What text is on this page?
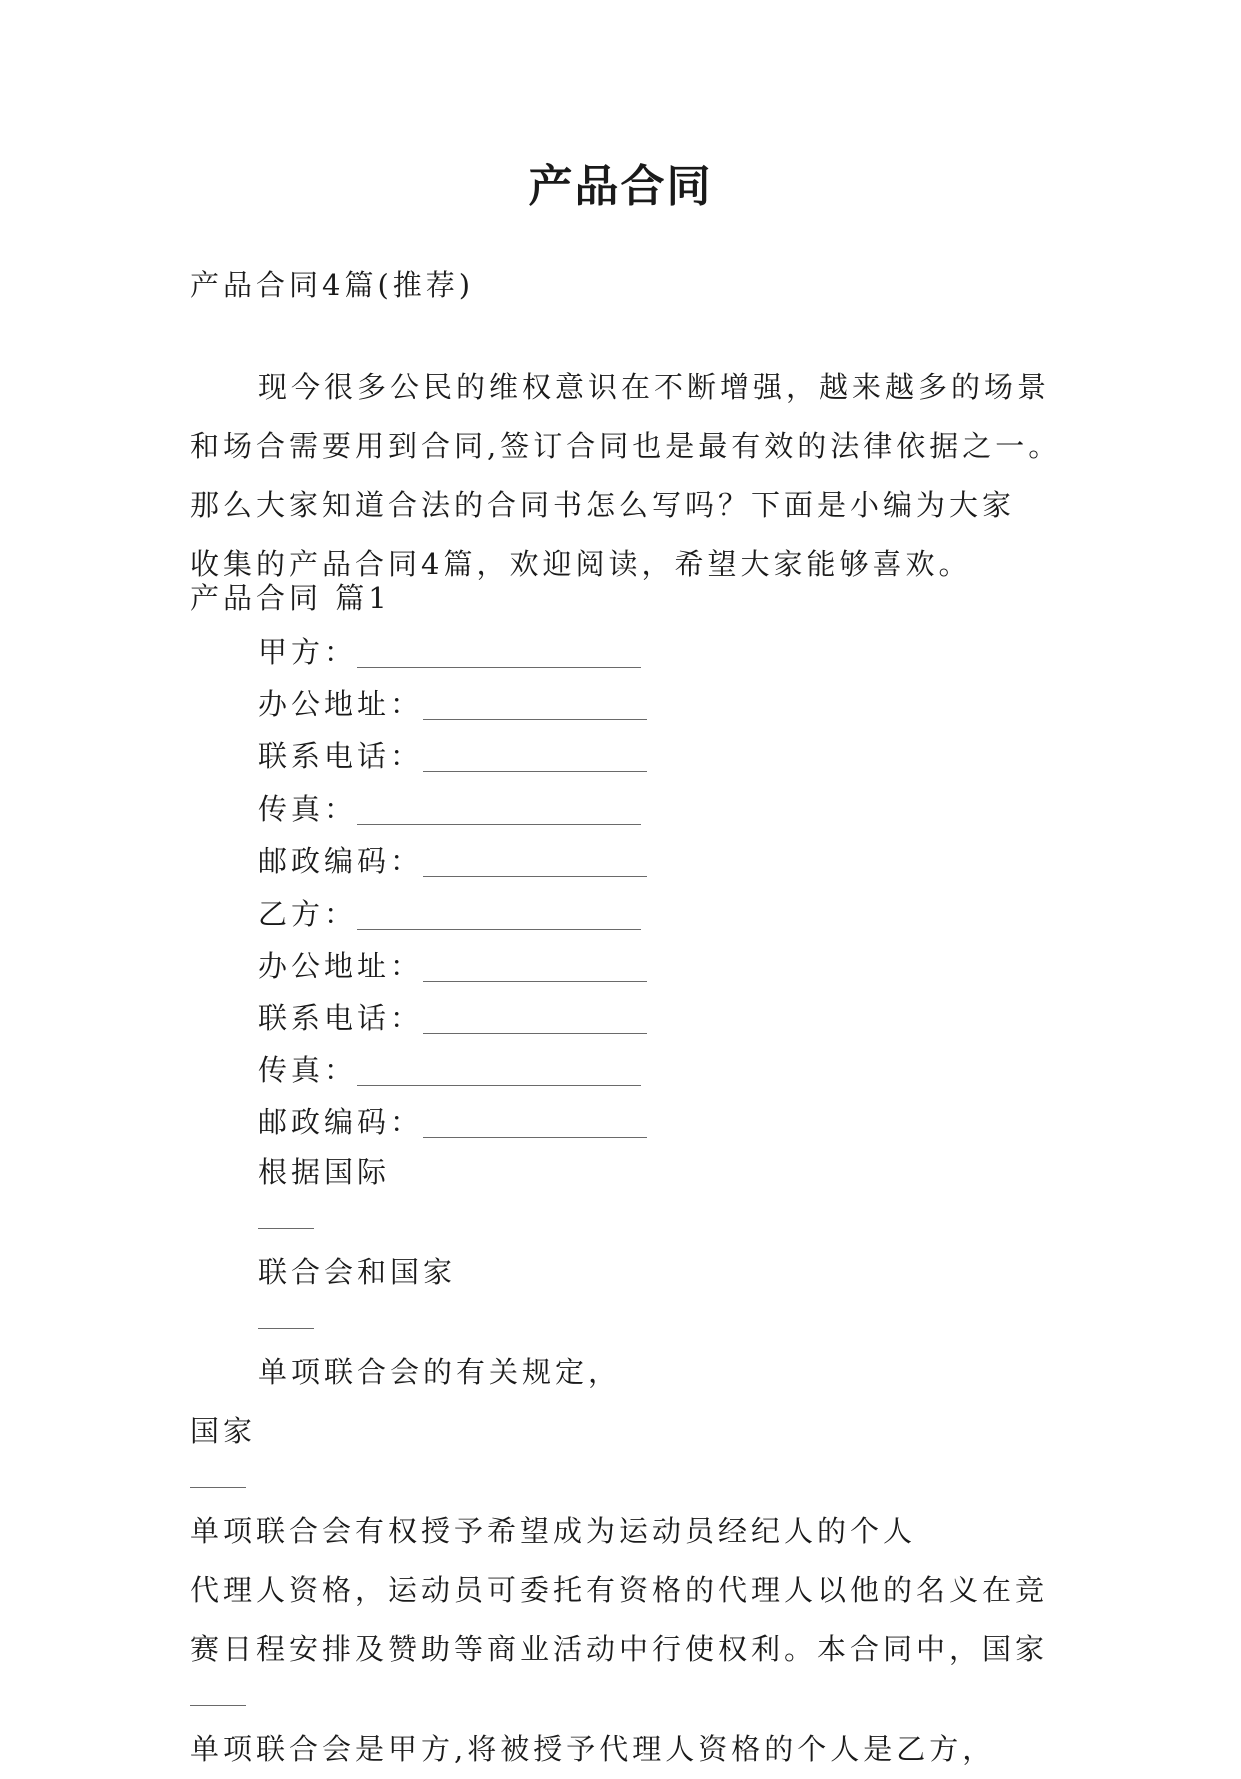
产品合同
产品合同4篇(推荐)
现今很多公民的维权意识在不断增强，越来越多的场景
和场合需要用到合同,签订合同也是最有效的法律依据之一。
那么大家知道合法的合同书怎么写吗？下面是小编为大家
收集的产品合同4篇，欢迎阅读，希望大家能够喜欢。
产品合同 篇1
甲方：
办公地址：
联系电话：
传真：
邮政编码：
乙方：
办公地址：
联系电话：
传真：
邮政编码：
根据国际
联合会和国家
单项联合会的有关规定，
国家
单项联合会有权授予希望成为运动员经纪人的个人
代理人资格，运动员可委托有资格的代理人以他的名义在竞
赛日程安排及赞助等商业活动中行使权利。本合同中，国家
单项联合会是甲方,将被授予代理人资格的个人是乙方，
